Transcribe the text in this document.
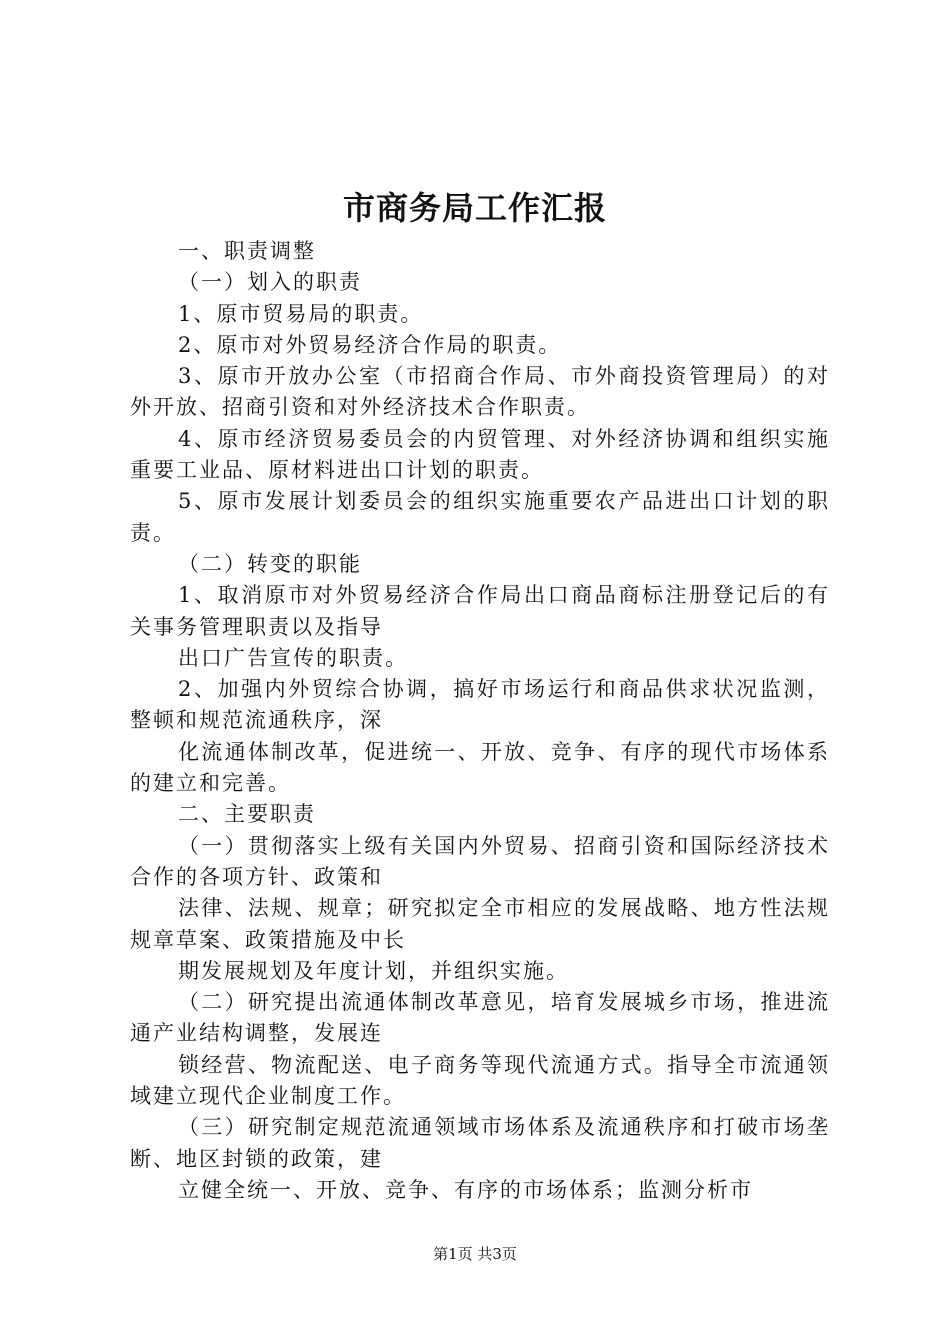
市商务局工作汇报

一、职责调整

（一）划入的职责

1、原市贸易局的职责。

2、原市对外贸易经济合作局的职责。

3、原市开放办公室（市招商合作局、市外商投资管理局）的对外开放、招商引资和对外经济技术合作职责。

4、原市经济贸易委员会的内贸管理、对外经济协调和组织实施重要工业品、原材料进出口计划的职责。

5、原市发展计划委员会的组织实施重要农产品进出口计划的职责。

（二）转变的职能

1、取消原市对外贸易经济合作局出口商品商标注册登记后的有关事务管理职责以及指导

出口广告宣传的职责。

2、加强内外贸综合协调，搞好市场运行和商品供求状况监测，整顿和规范流通秩序，深

化流通体制改革，促进统一、开放、竞争、有序的现代市场体系的建立和完善。

二、主要职责

（一）贯彻落实上级有关国内外贸易、招商引资和国际经济技术合作的各项方针、政策和

法律、法规、规章；研究拟定全市相应的发展战略、地方性法规规章草案、政策措施及中长

期发展规划及年度计划，并组织实施。

（二）研究提出流通体制改革意见，培育发展城乡市场，推进流通产业结构调整，发展连

锁经营、物流配送、电子商务等现代流通方式。指导全市流通领域建立现代企业制度工作。

（三）研究制定规范流通领域市场体系及流通秩序和打破市场垄断、地区封锁的政策，建

立健全统一、开放、竞争、有序的市场体系；监测分析市

第1页 共3页
